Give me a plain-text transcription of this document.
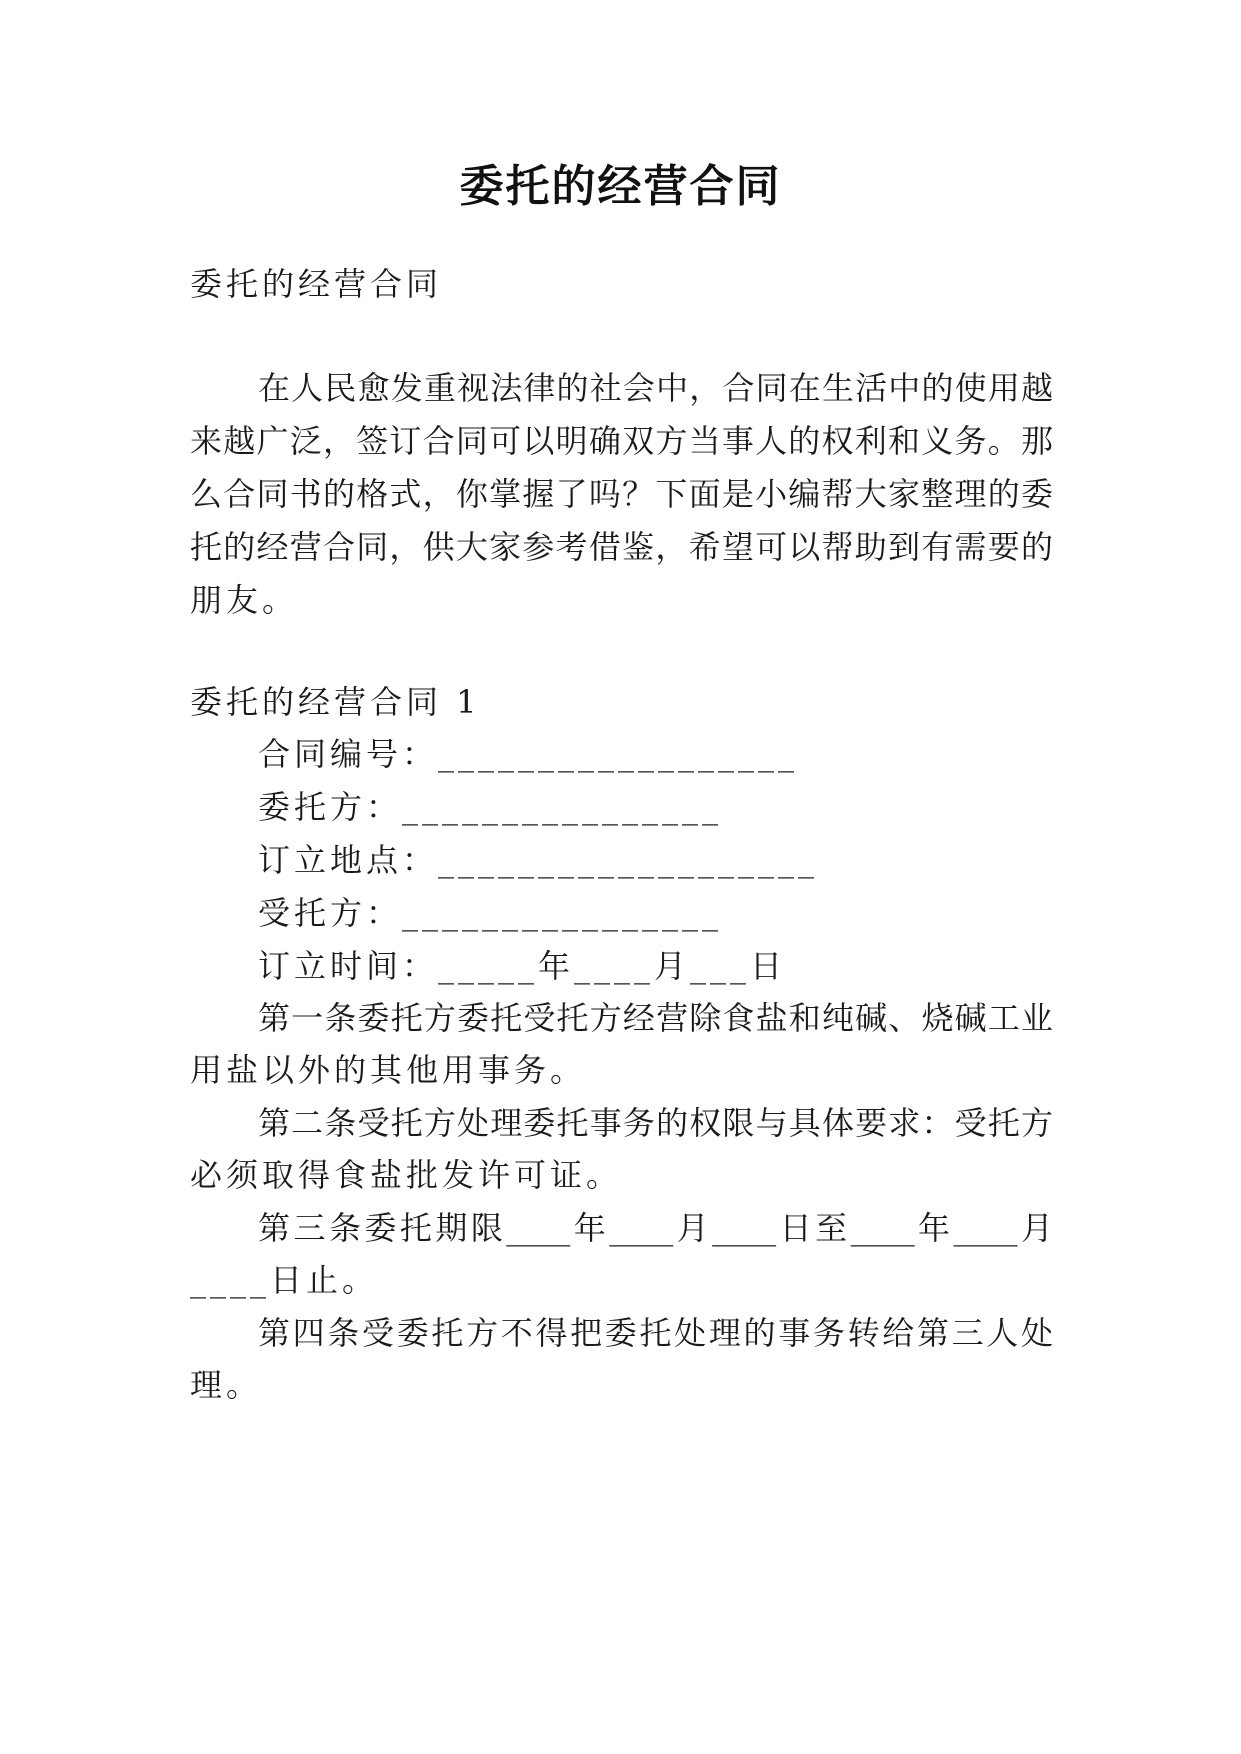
委托的经营合同
委托的经营合同
在人民愈发重视法律的社会中，合同在生活中的使用越
来越广泛，签订合同可以明确双方当事人的权利和义务。那
么合同书的格式，你掌握了吗？下面是小编帮大家整理的委
托的经营合同，供大家参考借鉴，希望可以帮助到有需要的
朋友。
委托的经营合同 1
合同编号：__________________
委托方：________________
订立地点：___________________
受托方：________________
订立时间：_____年____月___日
第一条委托方委托受托方经营除食盐和纯碱、烧碱工业
用盐以外的其他用事务。
第二条受托方处理委托事务的权限与具体要求：受托方
必须取得食盐批发许可证。
第三条委托期限____年____月____日至____年____月
____日止。
第四条受委托方不得把委托处理的事务转给第三人处
理。
